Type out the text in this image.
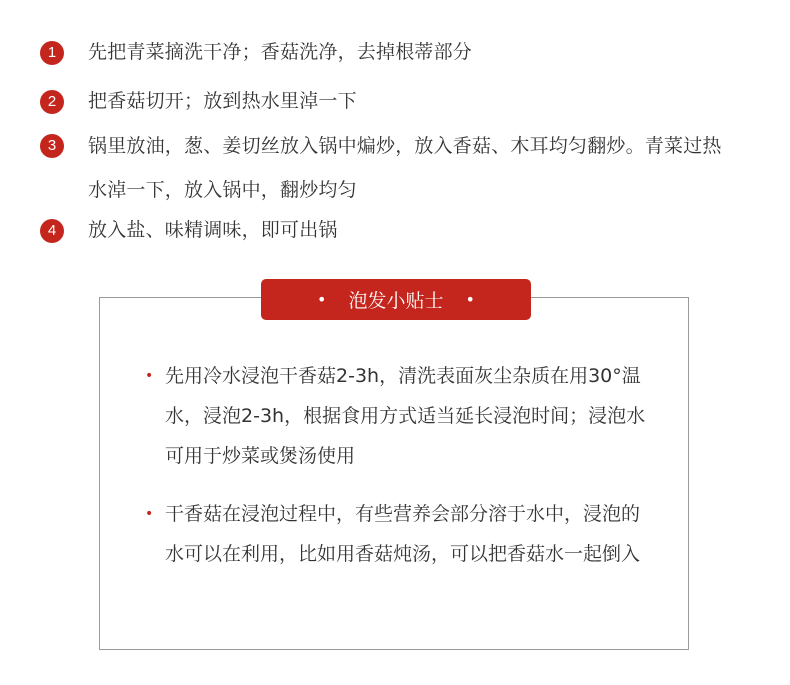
1	先把青菜摘洗干净；香菇洗净，去掉根蒂部分
2	把香菇切开；放到热水里淖一下
3	锅里放油，葱、姜切丝放入锅中煸炒，放入香菇、木耳均匀翻炒。青菜过热水淖一下，放入锅中，翻炒均匀
4	放入盐、味精调味，即可出锅
• 泡发小贴士 •
• 先用冷水浸泡干香菇2-3h，清洗表面灰尘杂质在用30°温水，浸泡2-3h，根据食用方式适当延长浸泡时间；浸泡水可用于炒菜或煲汤使用
• 干香菇在浸泡过程中，有些营养会部分溶于水中，浸泡的水可以在利用，比如用香菇炖汤，可以把香菇水一起倒入
